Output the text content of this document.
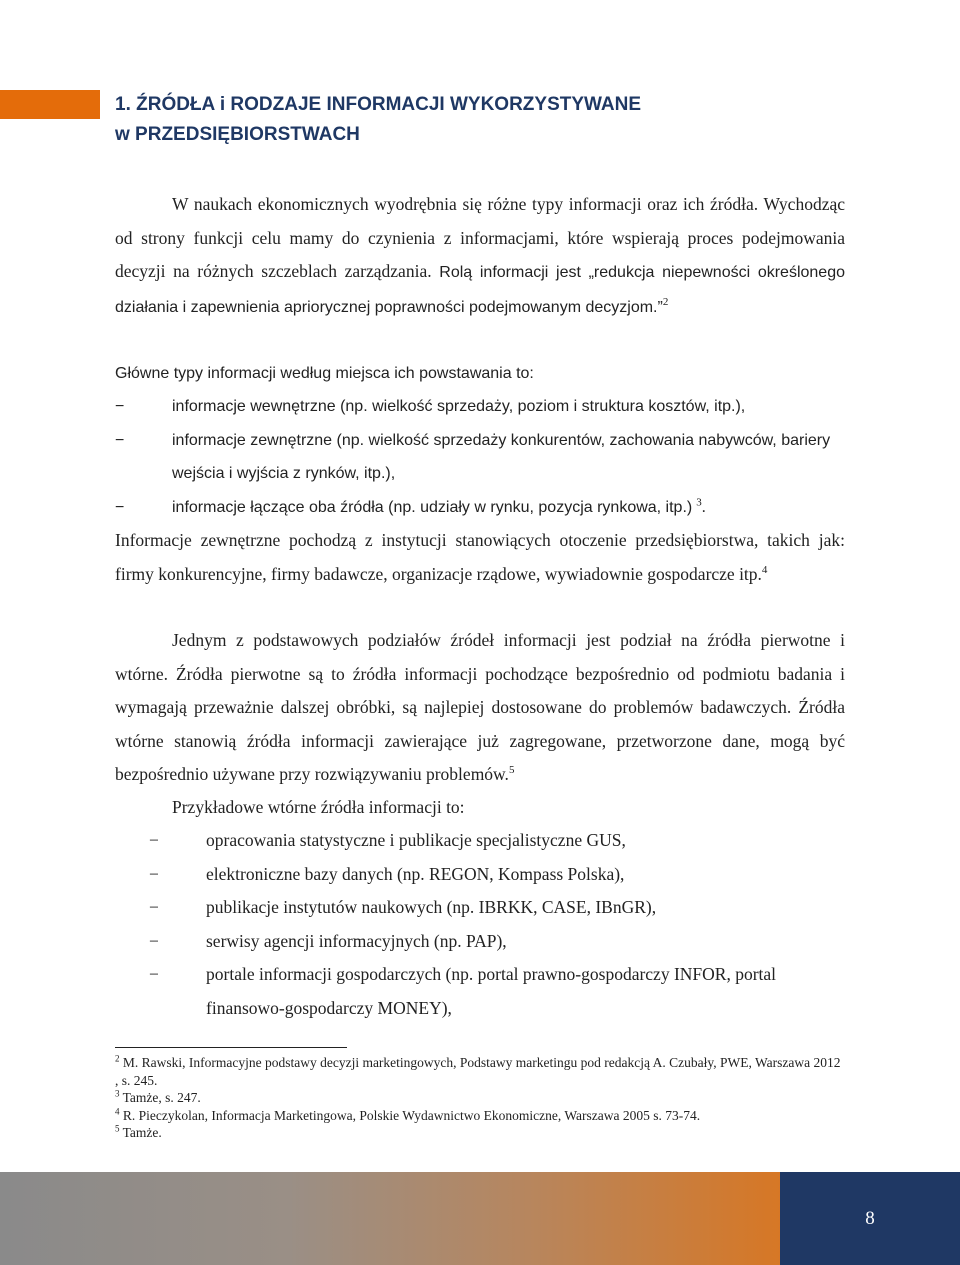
1. ŹRÓDŁA i RODZAJE INFORMACJI WYKORZYSTYWANE
w PRZEDSIĘBIORSTWACH

W naukach ekonomicznych wyodrębnia się różne typy informacji oraz ich źródła. Wychodząc od strony funkcji celu mamy do czynienia z informacjami, które wspierają proces podejmowania decyzji na różnych szczeblach zarządzania. Rolą informacji jest „redukcja niepewności określonego działania i zapewnienia apriorycznej poprawności podejmowanym decyzjom.”$^2$

Główne typy informacji według miejsca ich powstawania to:

−	informacje wewnętrzne (np. wielkość sprzedaży, poziom i struktura kosztów, itp.),
−	informacje zewnętrzne (np. wielkość sprzedaży konkurentów, zachowania nabywców, bariery wejścia i wyjścia z rynków, itp.),
−	informacje łączące oba źródła (np. udziały w rynku, pozycja rynkowa, itp.) $^3$.

Informacje zewnętrzne pochodzą z instytucji stanowiących otoczenie przedsiębiorstwa, takich jak: firmy konkurencyjne, firmy badawcze, organizacje rządowe, wywiadownie gospodarcze itp.$^4$

Jednym z podstawowych podziałów źródeł informacji jest podział na źródła pierwotne i wtórne. Źródła pierwotne są to źródła informacji pochodzące bezpośrednio od podmiotu badania i wymagają przeważnie dalszej obróbki, są najlepiej dostosowane do problemów badawczych. Źródła wtórne stanowią źródła informacji zawierające już zagregowane, przetworzone dane, mogą być bezpośrednio używane przy rozwiązywaniu problemów.$^5$

Przykładowe wtórne źródła informacji to:

−	opracowania statystyczne i publikacje specjalistyczne GUS,
−	elektroniczne bazy danych (np. REGON, Kompass Polska),
−	publikacje instytutów naukowych (np. IBRKK, CASE, IBnGR),
−	serwisy agencji informacyjnych (np. PAP),
−	portale informacji gospodarczych (np. portal prawno-gospodarczy INFOR, portal finansowo-gospodarczy MONEY),
$^2$ M. Rawski, Informacyjne podstawy decyzji marketingowych, Podstawy marketingu pod redakcją A. Czubały, PWE, Warszawa 2012 , s. 245.
$^3$ Tamże, s. 247.
$^4$ R. Pieczykolan, Informacja Marketingowa, Polskie Wydawnictwo Ekonomiczne, Warszawa 2005 s. 73-74.
$^5$ Tamże.
8
